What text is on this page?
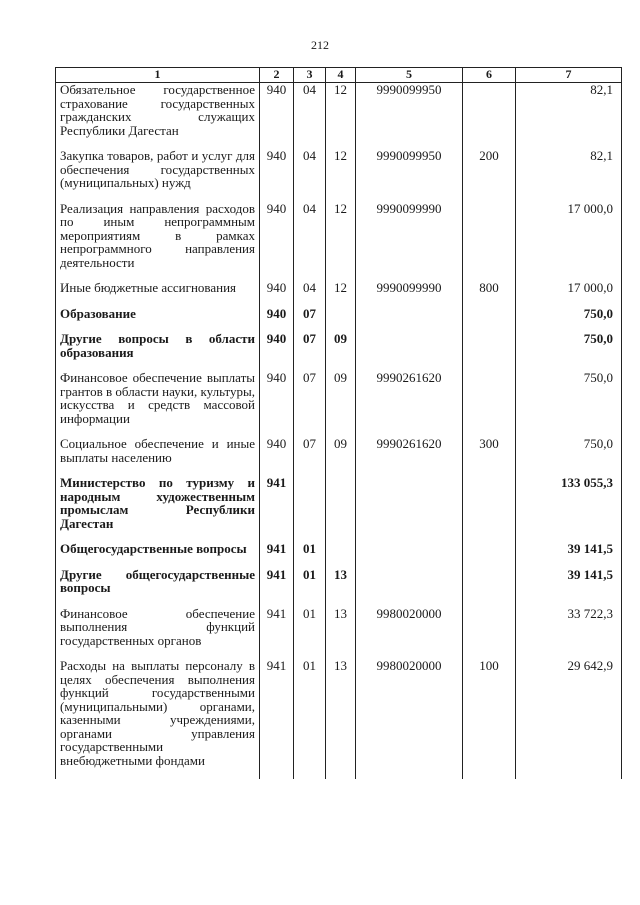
212
1	2	3	4	5	6	7
Обязательное государственное страхование государственных гражданских служащих Республики Дагестан	940	04	12	9990099950		82,1

Закупка товаров, работ и услуг для обеспечения государственных (муниципальных) нужд	940	04	12	9990099950	200	82,1

Реализация направления расходов по иным непрограммным мероприятиям в рамках непрограммного направления деятельности	940	04	12	9990099990		17 000,0

Иные бюджетные ассигнования	940	04	12	9990099990	800	17 000,0

Образование	940	07				750,0

Другие вопросы в области образования	940	07	09			750,0

Финансовое обеспечение выплаты грантов в области науки, культуры, искусства и средств массовой информации	940	07	09	9990261620		750,0

Социальное обеспечение и иные выплаты населению	940	07	09	9990261620	300	750,0

Министерство по туризму и народным художественным промыслам Республики Дагестан	941					133 055,3

Общегосударственные вопросы	941	01				39 141,5

Другие общегосударственные вопросы	941	01	13			39 141,5

Финансовое обеспечение выполнения функций государственных органов	941	01	13	9980020000		33 722,3

Расходы на выплаты персоналу в целях обеспечения выполнения функций государственными (муниципальными) органами, казенными учреждениями, органами управления государственными внебюджетными фондами	941	01	13	9980020000	100	29 642,9
